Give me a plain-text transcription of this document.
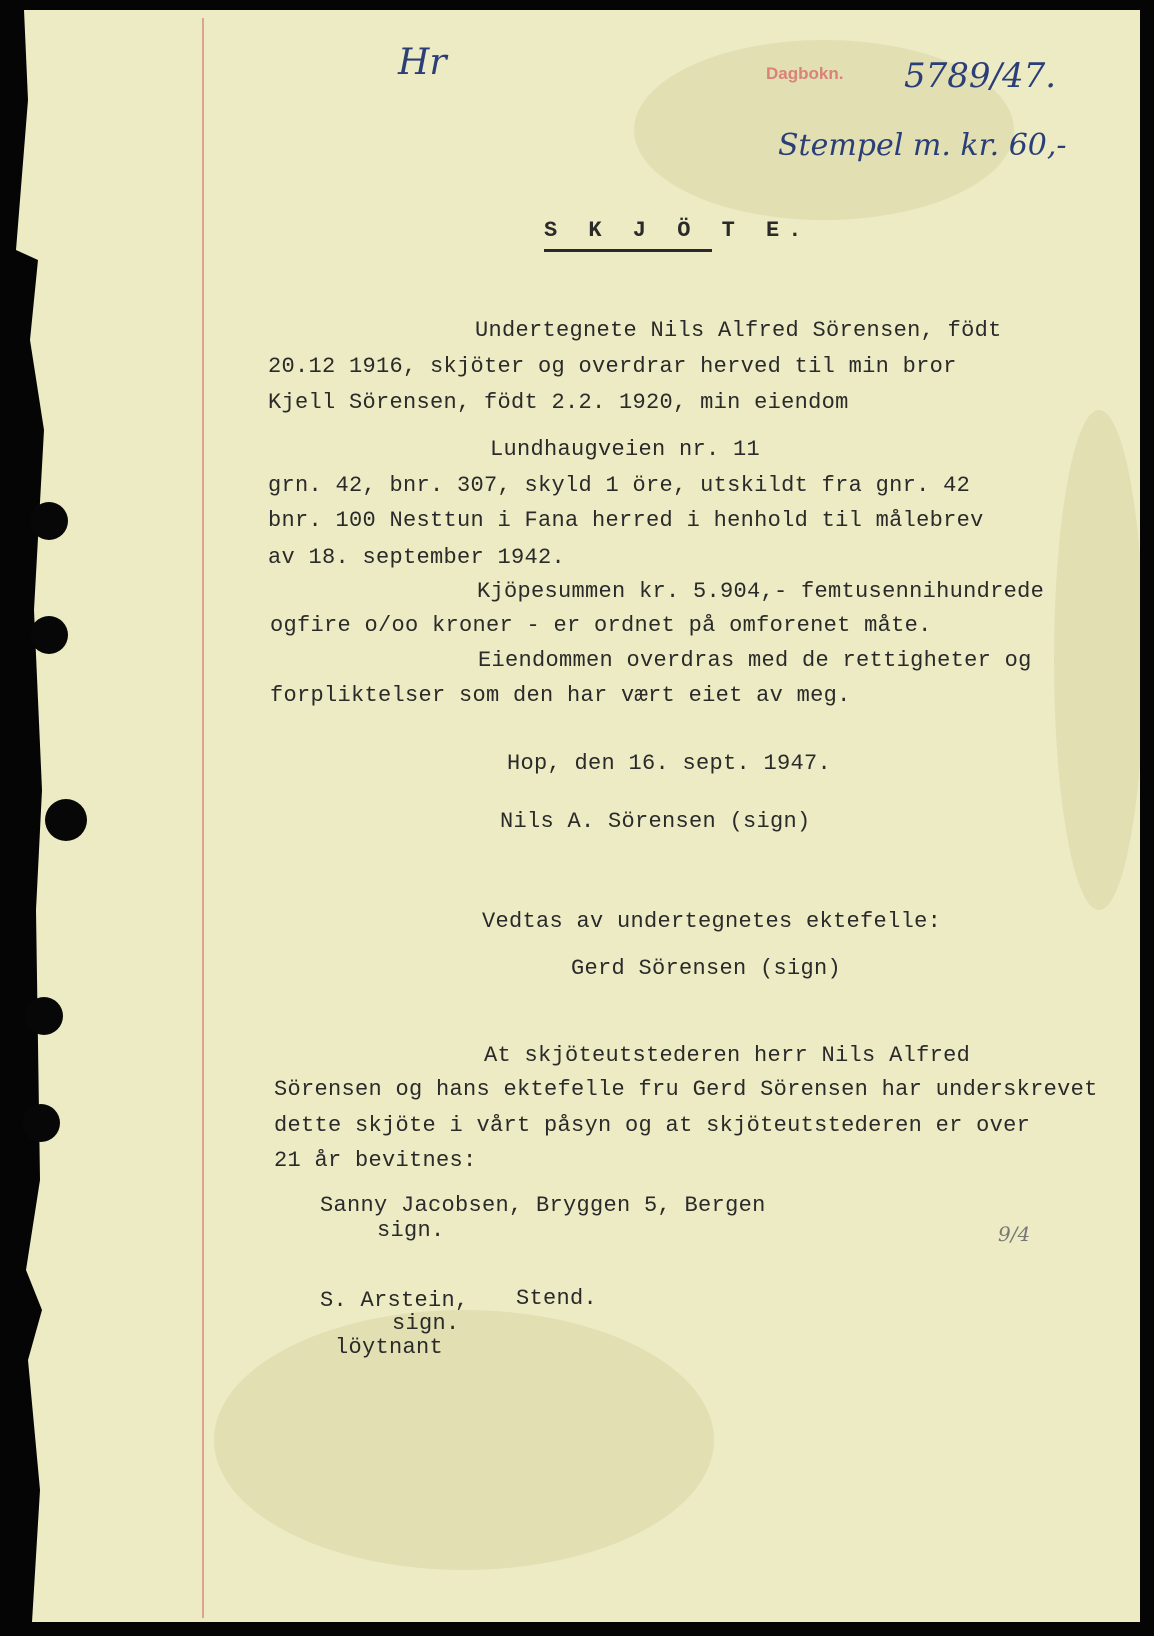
Hr	Dagbokn. 5789/47.
Stempel m. kr. 60,-
9/4
S K J Ö T E.
Undertegnete Nils Alfred Sörensen, födt
20.12 1916, skjöter og overdrar herved til min bror
Kjell Sörensen, födt 2.2. 1920, min eiendom
Lundhaugveien nr. 11
grn. 42, bnr. 307, skyld 1 öre, utskildt fra gnr. 42
bnr. 100 Nesttun i Fana herred i henhold til målebrev
av 18. september 1942.
Kjöpesummen kr. 5.904,- femtusennihundrede
ogfire o/oo kroner - er ordnet på omforenet måte.
Eiendommen overdras med de rettigheter og
forpliktelser som den har vært eiet av meg.
Hop, den 16. sept. 1947.
Nils A. Sörensen (sign)
Vedtas av undertegnetes ektefelle:
Gerd Sörensen (sign)
At skjöteutstederen herr Nils Alfred
Sörensen og hans ektefelle fru Gerd Sörensen har underskrevet
dette skjöte i vårt påsyn og at skjöteutstederen er over
21 år bevitnes:
Sanny Jacobsen, Bryggen 5, Bergen
sign.
S. Arstein, Stend.
sign.
löytnant
